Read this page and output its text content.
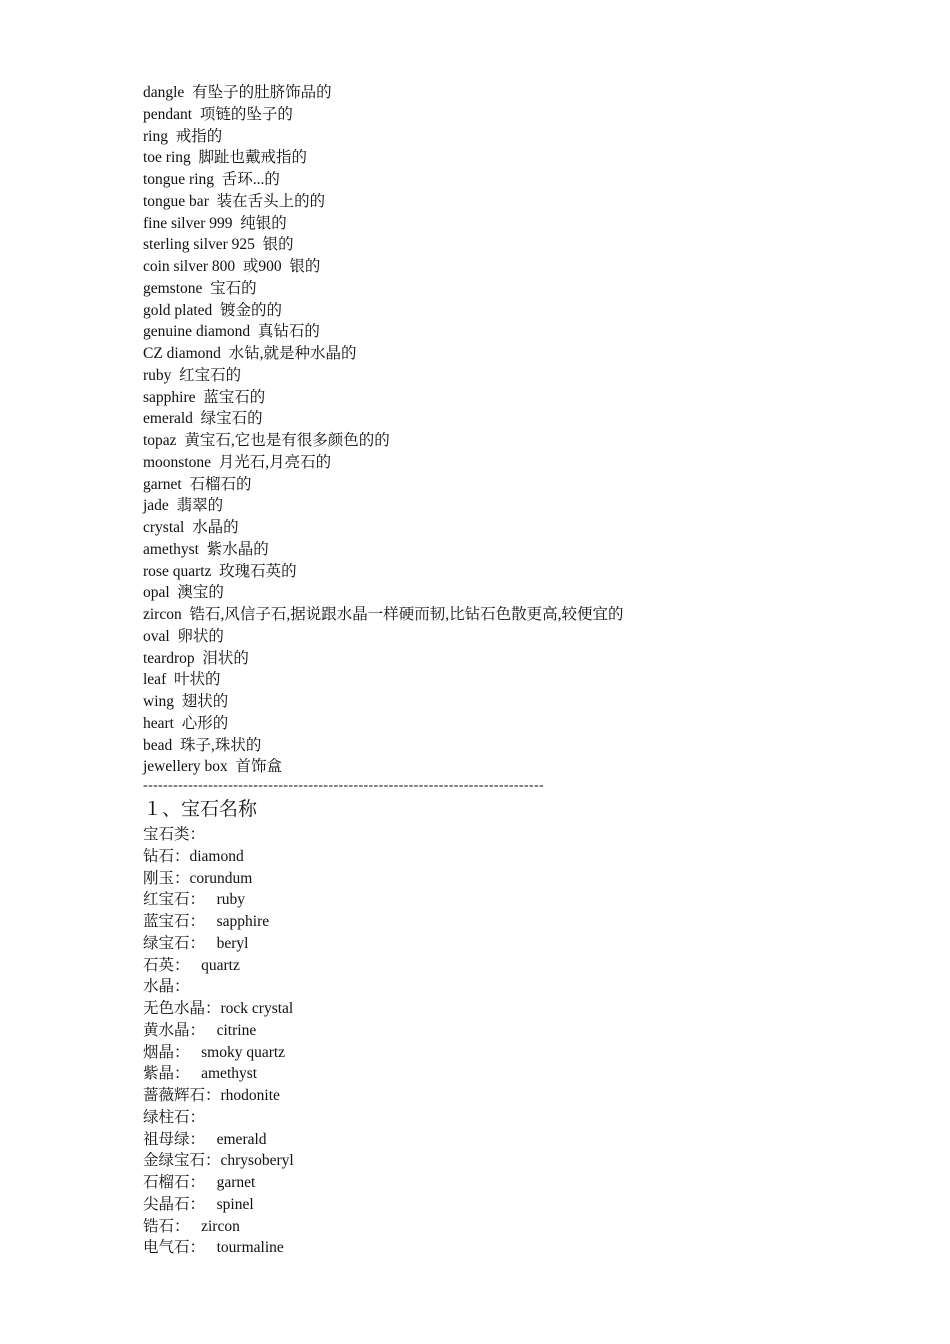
dangle  有坠子的肚脐饰品的
pendant  项链的坠子的
ring  戒指的
toe ring  脚趾也戴戒指的
tongue ring  舌环...的
tongue bar  装在舌头上的的
fine silver 999  纯银的
sterling silver 925  银的
coin silver 800  或900  银的
gemstone  宝石的
gold plated  镀金的的
genuine diamond  真钻石的
CZ diamond  水钻,就是种水晶的
ruby  红宝石的
sapphire  蓝宝石的
emerald  绿宝石的
topaz  黄宝石,它也是有很多颜色的的
moonstone  月光石,月亮石的
garnet  石榴石的
jade  翡翠的
crystal  水晶的
amethyst  紫水晶的
rose quartz  玫瑰石英的
opal  澳宝的
zircon  锆石,风信子石,据说跟水晶一样硬而韧,比钻石色散更高,较便宜的
oval  卵状的
teardrop  泪状的
leaf  叶状的
wing  翅状的
heart  心形的
bead  珠子,珠状的
jewellery box  首饰盒
--------------------------------------------------------------------------------
１、宝石名称
宝石类：
钻石：diamond
刚玉：corundum
红宝石：   ruby
蓝宝石：   sapphire
绿宝石：   beryl
石英：   quartz
水晶：
无色水晶：rock crystal
黄水晶：   citrine
烟晶：   smoky quartz
紫晶：   amethyst
蔷薇辉石：rhodonite
绿柱石：
祖母绿：   emerald
金绿宝石：chrysoberyl
石榴石：   garnet
尖晶石：   spinel
锆石：   zircon
电气石：   tourmaline
